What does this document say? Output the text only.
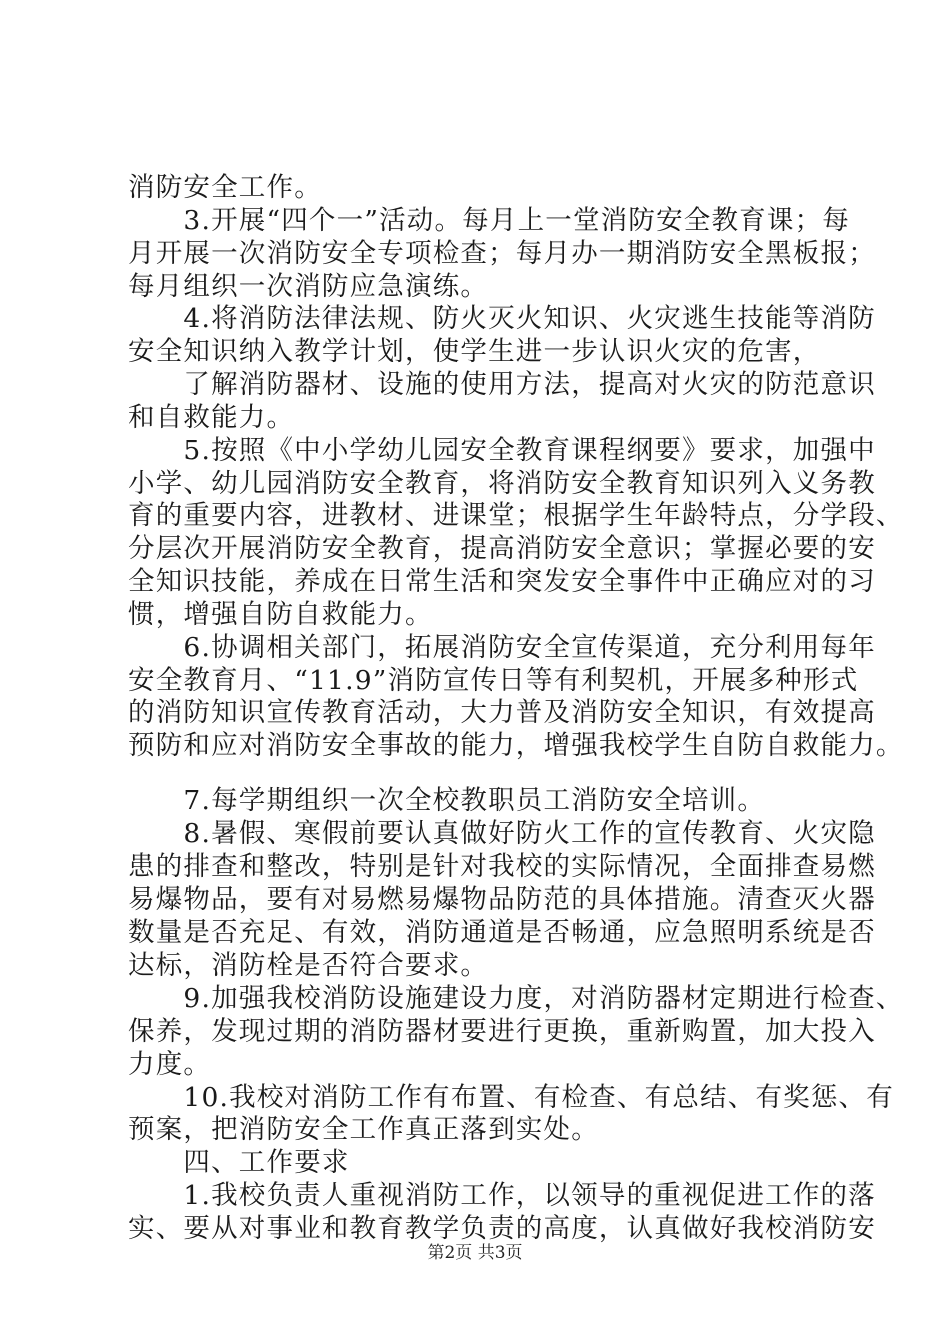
消防安全工作。
　　3.开展“四个一”活动。每月上一堂消防安全教育课；每
月开展一次消防安全专项检查；每月办一期消防安全黑板报；
每月组织一次消防应急演练。
　　4.将消防法律法规、防火灭火知识、火灾逃生技能等消防
安全知识纳入教学计划，使学生进一步认识火灾的危害，
　　了解消防器材、设施的使用方法，提高对火灾的防范意识
和自救能力。
　　5.按照《中小学幼儿园安全教育课程纲要》要求，加强中
小学、幼儿园消防安全教育，将消防安全教育知识列入义务教
育的重要内容，进教材、进课堂；根据学生年龄特点，分学段、
分层次开展消防安全教育，提高消防安全意识；掌握必要的安
全知识技能，养成在日常生活和突发安全事件中正确应对的习
惯，增强自防自救能力。
　　6.协调相关部门，拓展消防安全宣传渠道，充分利用每年
安全教育月、“11.9”消防宣传日等有利契机，开展多种形式
的消防知识宣传教育活动，大力普及消防安全知识，有效提高
预防和应对消防安全事故的能力，增强我校学生自防自救能力。
　　7.每学期组织一次全校教职员工消防安全培训。
　　8.暑假、寒假前要认真做好防火工作的宣传教育、火灾隐
患的排查和整改，特别是针对我校的实际情况，全面排查易燃
易爆物品，要有对易燃易爆物品防范的具体措施。清查灭火器
数量是否充足、有效，消防通道是否畅通，应急照明系统是否
达标，消防栓是否符合要求。
　　9.加强我校消防设施建设力度，对消防器材定期进行检查、
保养，发现过期的消防器材要进行更换，重新购置，加大投入
力度。
　　10.我校对消防工作有布置、有检查、有总结、有奖惩、有
预案，把消防安全工作真正落到实处。
　　四、工作要求
　　1.我校负责人重视消防工作，以领导的重视促进工作的落
实、要从对事业和教育教学负责的高度，认真做好我校消防安
第2页 共3页
